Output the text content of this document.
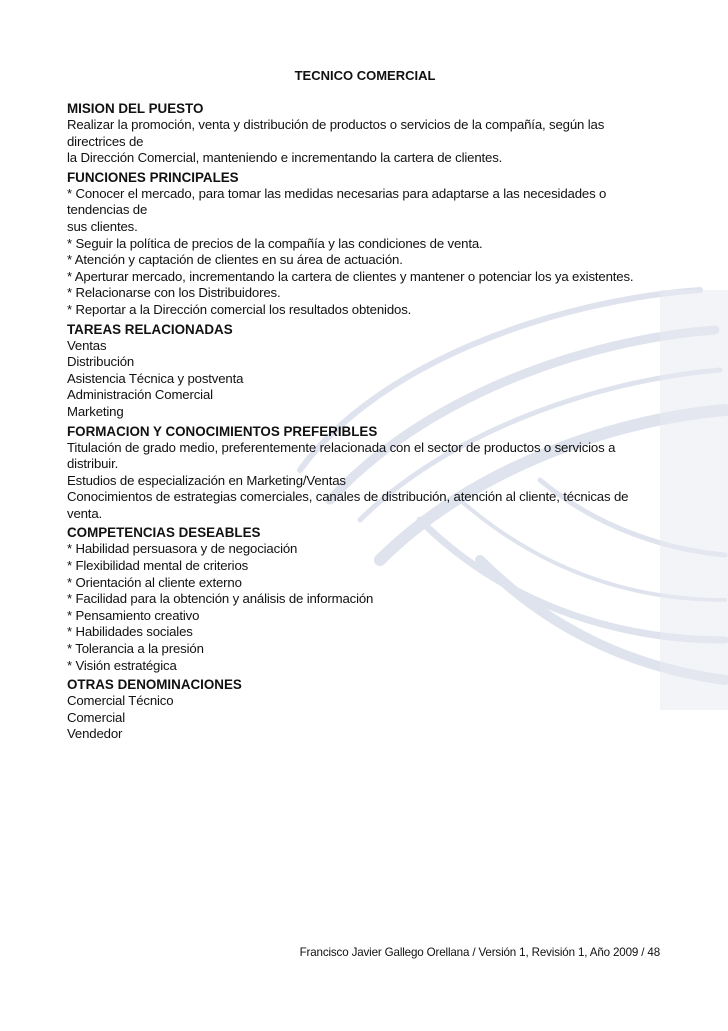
TECNICO COMERCIAL
MISION DEL PUESTO
Realizar la promoción, venta y distribución de productos o servicios de la compañía, según las directrices de
la Dirección Comercial, manteniendo e incrementando la cartera de clientes.
FUNCIONES PRINCIPALES
* Conocer el mercado, para tomar las medidas necesarias para adaptarse a las necesidades o tendencias de
sus clientes.
* Seguir la política de precios de la compañía y las condiciones de venta.
* Atención y captación de clientes en su área de actuación.
* Aperturar mercado, incrementando la cartera de clientes y mantener o potenciar los ya existentes.
* Relacionarse con los Distribuidores.
* Reportar a la Dirección comercial los resultados obtenidos.
TAREAS RELACIONADAS
Ventas
Distribución
Asistencia Técnica y postventa
Administración Comercial
Marketing
FORMACION Y CONOCIMIENTOS PREFERIBLES
Titulación de grado medio, preferentemente relacionada con el sector de productos o servicios a distribuir.
Estudios de especialización en Marketing/Ventas
Conocimientos de estrategias comerciales, canales de distribución, atención al cliente, técnicas de venta.
COMPETENCIAS DESEABLES
* Habilidad persuasora y de negociación
* Flexibilidad mental de criterios
* Orientación al cliente externo
* Facilidad para la obtención y análisis de información
* Pensamiento creativo
* Habilidades sociales
* Tolerancia a la presión
* Visión estratégica
OTRAS DENOMINACIONES
Comercial Técnico
Comercial
Vendedor
Francisco Javier Gallego Orellana / Versión 1, Revisión 1, Año 2009 / 48
